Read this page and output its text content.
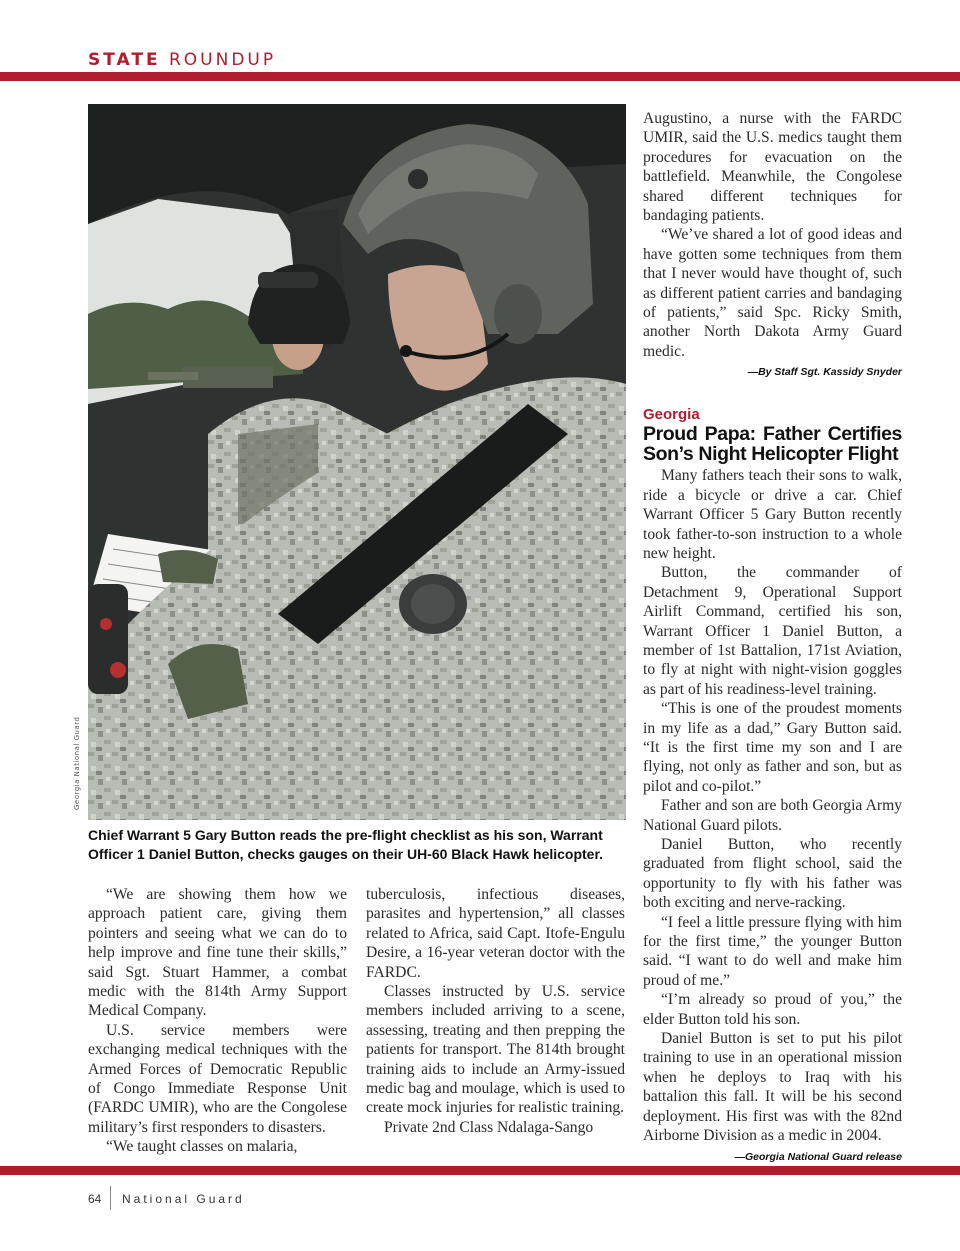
STATE ROUNDUP
Georgia National Guard
Chief Warrant 5 Gary Button reads the pre-flight checklist as his son, Warrant Officer 1 Daniel Button, checks gauges on their UH-60 Black Hawk helicopter.

“We are showing them how we approach patient care, giving them pointers and seeing what we can do to help improve and fine tune their skills,” said Sgt. Stuart Hammer, a combat medic with the 814th Army Support Medical Company.

U.S. service members were exchanging medical techniques with the Armed Forces of Democratic Republic of Congo Immediate Response Unit (FARDC UMIR), who are the Congolese military’s first responders to disasters.

“We taught classes on malaria,

tuberculosis, infectious diseases, parasites and hypertension,” all classes related to Africa, said Capt. Itofe-Engulu Desire, a 16-year veteran doctor with the FARDC.

Classes instructed by U.S. service members included arriving to a scene, assessing, treating and then prepping the patients for transport. The 814th brought training aids to include an Army-issued medic bag and moulage, which is used to create mock injuries for realistic training.

Private 2nd Class Ndalaga-Sango

Augustino, a nurse with the FARDC UMIR, said the U.S. medics taught them procedures for evacuation on the battlefield. Meanwhile, the Congolese shared different techniques for bandaging patients.

“We’ve shared a lot of good ideas and have gotten some techniques from them that I never would have thought of, such as different patient carries and bandaging of patients,” said Spc. Ricky Smith, another North Dakota Army Guard medic.

—By Staff Sgt. Kassidy Snyder
Georgia
Proud Papa: Father Certifies Son’s Night Helicopter Flight

Many fathers teach their sons to walk, ride a bicycle or drive a car. Chief Warrant Officer 5 Gary Button recently took father-to-son instruction to a whole new height.

Button, the commander of Detachment 9, Operational Support Airlift Command, certified his son, Warrant Officer 1 Daniel Button, a member of 1st Battalion, 171st Aviation, to fly at night with night-vision goggles as part of his readiness-level training.

“This is one of the proudest moments in my life as a dad,” Gary Button said. “It is the first time my son and I are flying, not only as father and son, but as pilot and co-pilot.”

Father and son are both Georgia Army National Guard pilots.

Daniel Button, who recently graduated from flight school, said the opportunity to fly with his father was both exciting and nerve-racking.

“I feel a little pressure flying with him for the first time,” the younger Button said. “I want to do well and make him proud of me.”

“I’m already so proud of you,” the elder Button told his son.

Daniel Button is set to put his pilot training to use in an operational mission when he deploys to Iraq with his battalion this fall. It will be his second deployment. His first was with the 82nd Airborne Division as a medic in 2004.

—Georgia National Guard release
64 National Guard
